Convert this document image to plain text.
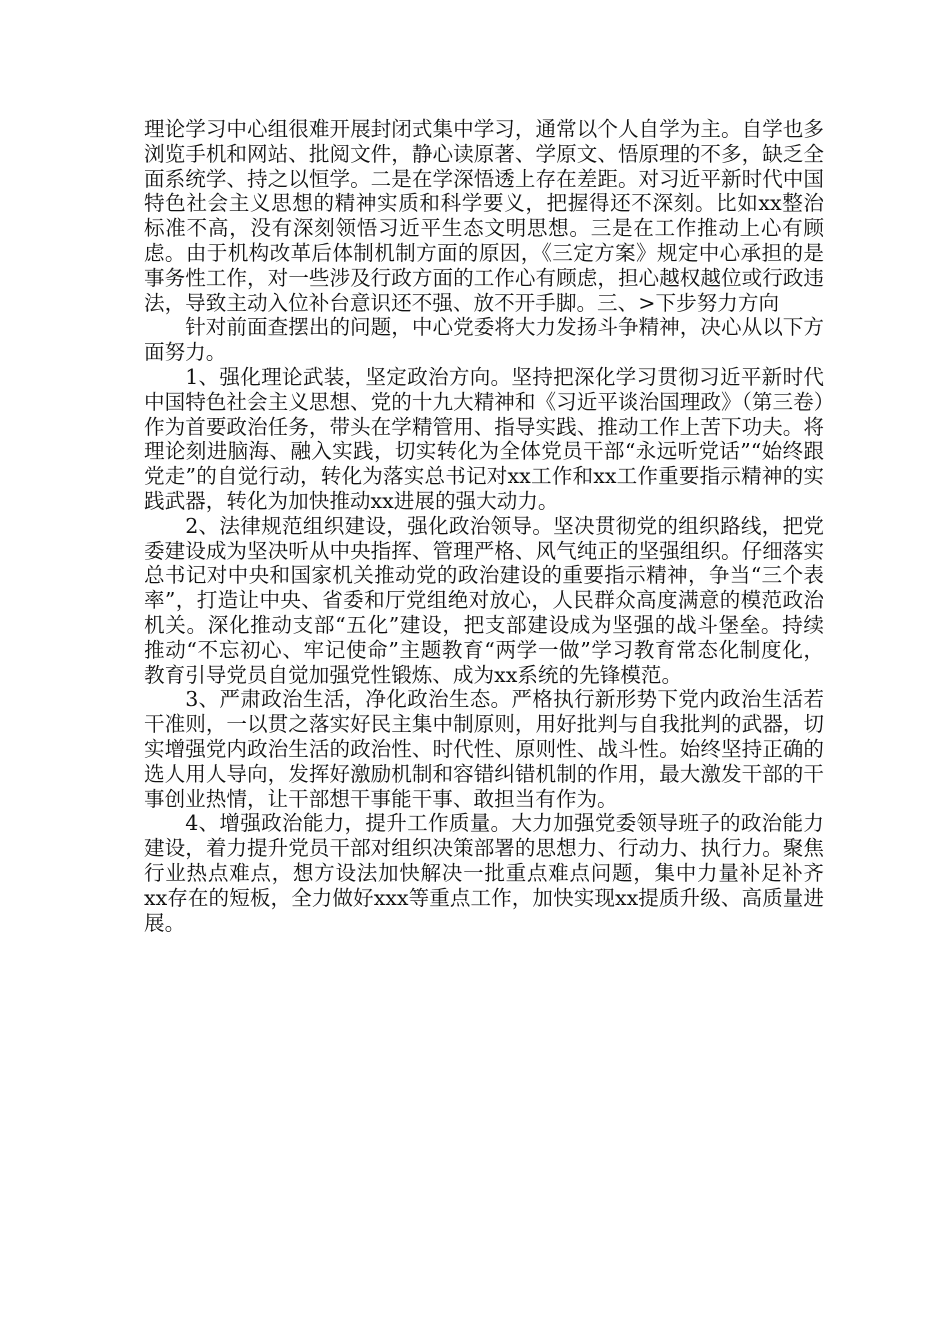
理论学习中心组很难开展封闭式集中学习，通常以个人自学为主。自学也多浏览手机和网站、批阅文件，静心读原著、学原文、悟原理的不多，缺乏全面系统学、持之以恒学。二是在学深悟透上存在差距。对习近平新时代中国特色社会主义思想的精神实质和科学要义，把握得还不深刻。比如xx整治标准不高，没有深刻领悟习近平生态文明思想。三是在工作推动上心有顾虑。由于机构改革后体制机制方面的原因，《三定方案》规定中心承担的是事务性工作，对一些涉及行政方面的工作心有顾虑，担心越权越位或行政违法，导致主动入位补台意识还不强、放不开手脚。三、>下步努力方向

针对前面查摆出的问题，中心党委将大力发扬斗争精神，决心从以下方面努力。

1、强化理论武装，坚定政治方向。坚持把深化学习贯彻习近平新时代中国特色社会主义思想、党的十九大精神和《习近平谈治国理政》（第三卷）作为首要政治任务，带头在学精管用、指导实践、推动工作上苦下功夫。将理论刻进脑海、融入实践，切实转化为全体党员干部“永远听党话”“始终跟党走”的自觉行动，转化为落实总书记对xx工作和xx工作重要指示精神的实践武器，转化为加快推动xx进展的强大动力。

2、法律规范组织建设，强化政治领导。坚决贯彻党的组织路线，把党委建设成为坚决听从中央指挥、管理严格、风气纯正的坚强组织。仔细落实总书记对中央和国家机关推动党的政治建设的重要指示精神，争当“三个表率”，打造让中央、省委和厅党组绝对放心，人民群众高度满意的模范政治机关。深化推动支部“五化”建设，把支部建设成为坚强的战斗堡垒。持续推动“不忘初心、牢记使命”主题教育“两学一做”学习教育常态化制度化，教育引导党员自觉加强党性锻炼、成为xx系统的先锋模范。

3、严肃政治生活，净化政治生态。严格执行新形势下党内政治生活若干准则，一以贯之落实好民主集中制原则，用好批判与自我批判的武器，切实增强党内政治生活的政治性、时代性、原则性、战斗性。始终坚持正确的选人用人导向，发挥好激励机制和容错纠错机制的作用，最大激发干部的干事创业热情，让干部想干事能干事、敢担当有作为。

4、增强政治能力，提升工作质量。大力加强党委领导班子的政治能力建设，着力提升党员干部对组织决策部署的思想力、行动力、执行力。聚焦行业热点难点，想方设法加快解决一批重点难点问题，集中力量补足补齐xx存在的短板，全力做好xxx等重点工作，加快实现xx提质升级、高质量进展。
